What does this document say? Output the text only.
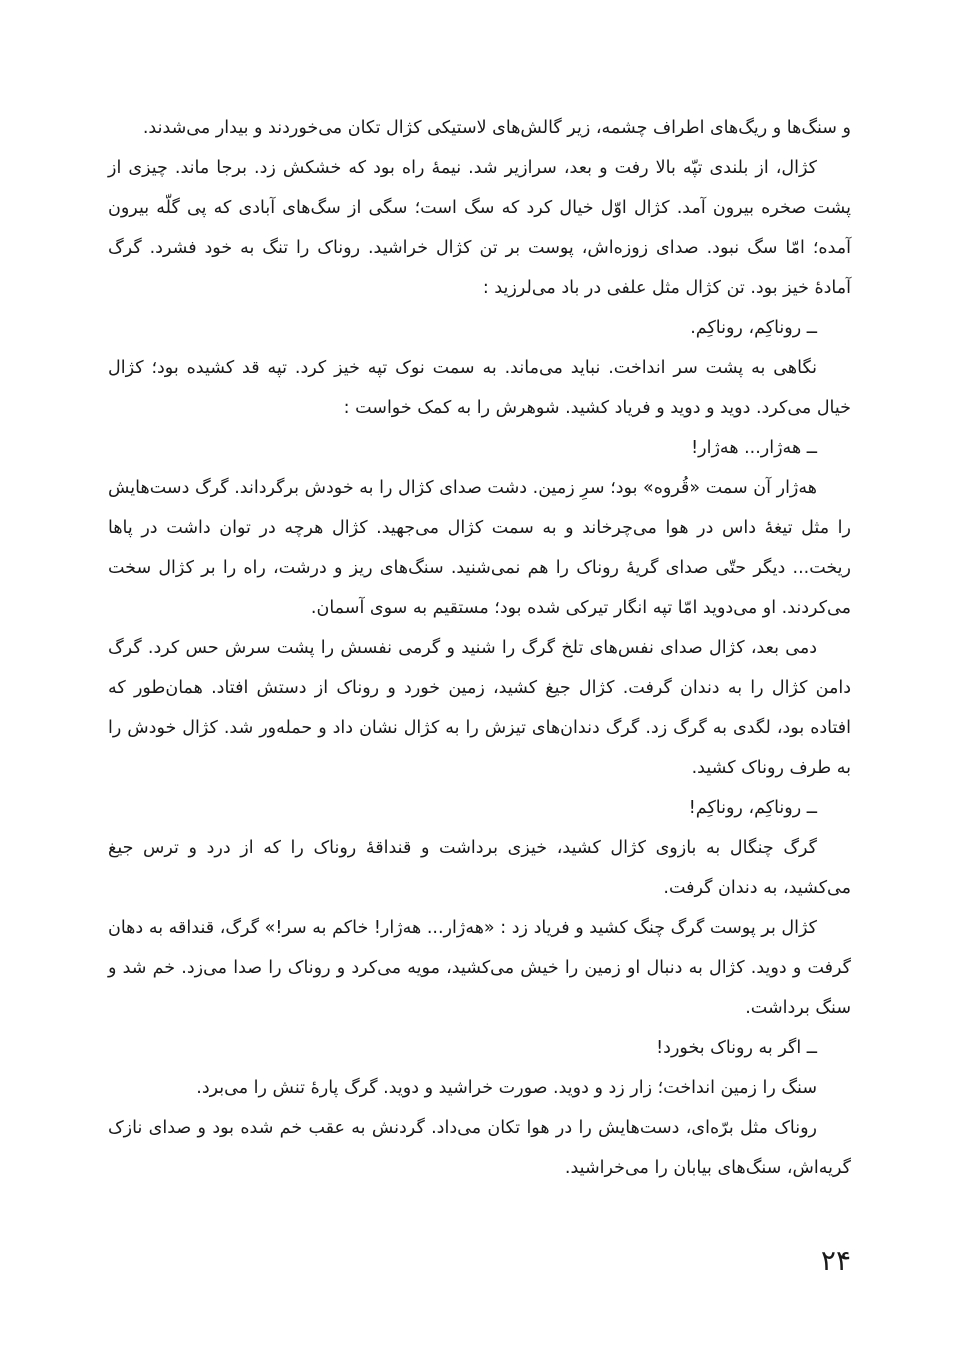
و سنگ‌ها و ریگ‌های اطراف چشمه، زیر گالش‌های لاستیکی کژال تکان می‌خوردند و بیدار می‌شدند.

کژال، از بلندی تپّه بالا رفت و بعد، سرازیر شد. نیمهٔ راه بود که خشکش زد. برجا ماند. چیزی از پشت صخره بیرون آمد. کژال اوّل خیال کرد که سگ است؛ سگی از سگ‌های آبادی که پی گلّه بیرون آمده؛ امّا سگ نبود. صدای زوزه‌اش، پوست بر تن کژال خراشید. روناک را تنگ به خود فشرد. گرگ آمادهٔ خیز بود. تن کژال مثل علفی در باد می‌لرزید :

ــ روناکِم، روناکِم.

نگاهی به پشت سر انداخت. نباید می‌ماند. به سمت نوک تپه خیز کرد. تپه قد کشیده بود؛ کژال خیال می‌کرد. دوید و دوید و فریاد کشید. شوهرش را به کمک خواست :

ــ هه‌ژار... هه‌ژار!

هه‌ژار آن سمت «قُروه» بود؛ سرِ زمین. دشت صدای کژال را به خودش برگرداند. گرگ دست‌هایش را مثل تیغهٔ داس در هوا می‌چرخاند و به سمت کژال می‌جهید. کژال هرچه در توان داشت در پاها ریخت... دیگر حتّی صدای گریهٔ روناک را هم نمی‌شنید. سنگ‌های ریز و درشت، راه را بر کژال سخت می‌کردند. او می‌دوید امّا تپه انگار تیرکی شده بود؛ مستقیم به سوی آسمان.

دمی بعد، کژال صدای نفس‌های تلخ گرگ را شنید و گرمی نفسش را پشت سرش حس کرد. گرگ دامن کژال را به دندان گرفت. کژال جیغ کشید، زمین خورد و روناک از دستش افتاد. همان‌طور که افتاده بود، لگدی به گرگ زد. گرگ دندان‌های تیزش را به کژال نشان داد و حمله‌ور شد. کژال خودش را به طرف روناک کشید.

ــ روناکِم، روناکِم!

گرگ چنگال به بازوی کژال کشید، خیزی برداشت و قنداقهٔ روناک را که از درد و ترس جیغ می‌کشید، به دندان گرفت.

کژال بر پوست گرگ چنگ کشید و فریاد زد : «هه‌ژار... هه‌ژار! خاکم به سر!» گرگ، قنداقه به دهان گرفت و دوید. کژال به دنبال او زمین را خیش می‌کشید، مویه می‌کرد و روناک را صدا می‌زد. خم شد و سنگ برداشت.

ــ اگر به روناک بخورد!

سنگ را زمین انداخت؛ زار زد و دوید. صورت خراشید و دوید. گرگ پارهٔ تنش را می‌برد.

روناک مثل برّه‌ای، دست‌هایش را در هوا تکان می‌داد. گردنش به عقب خم شده بود و صدای نازک گریه‌اش، سنگ‌های بیابان را می‌خراشید.

۲۴
